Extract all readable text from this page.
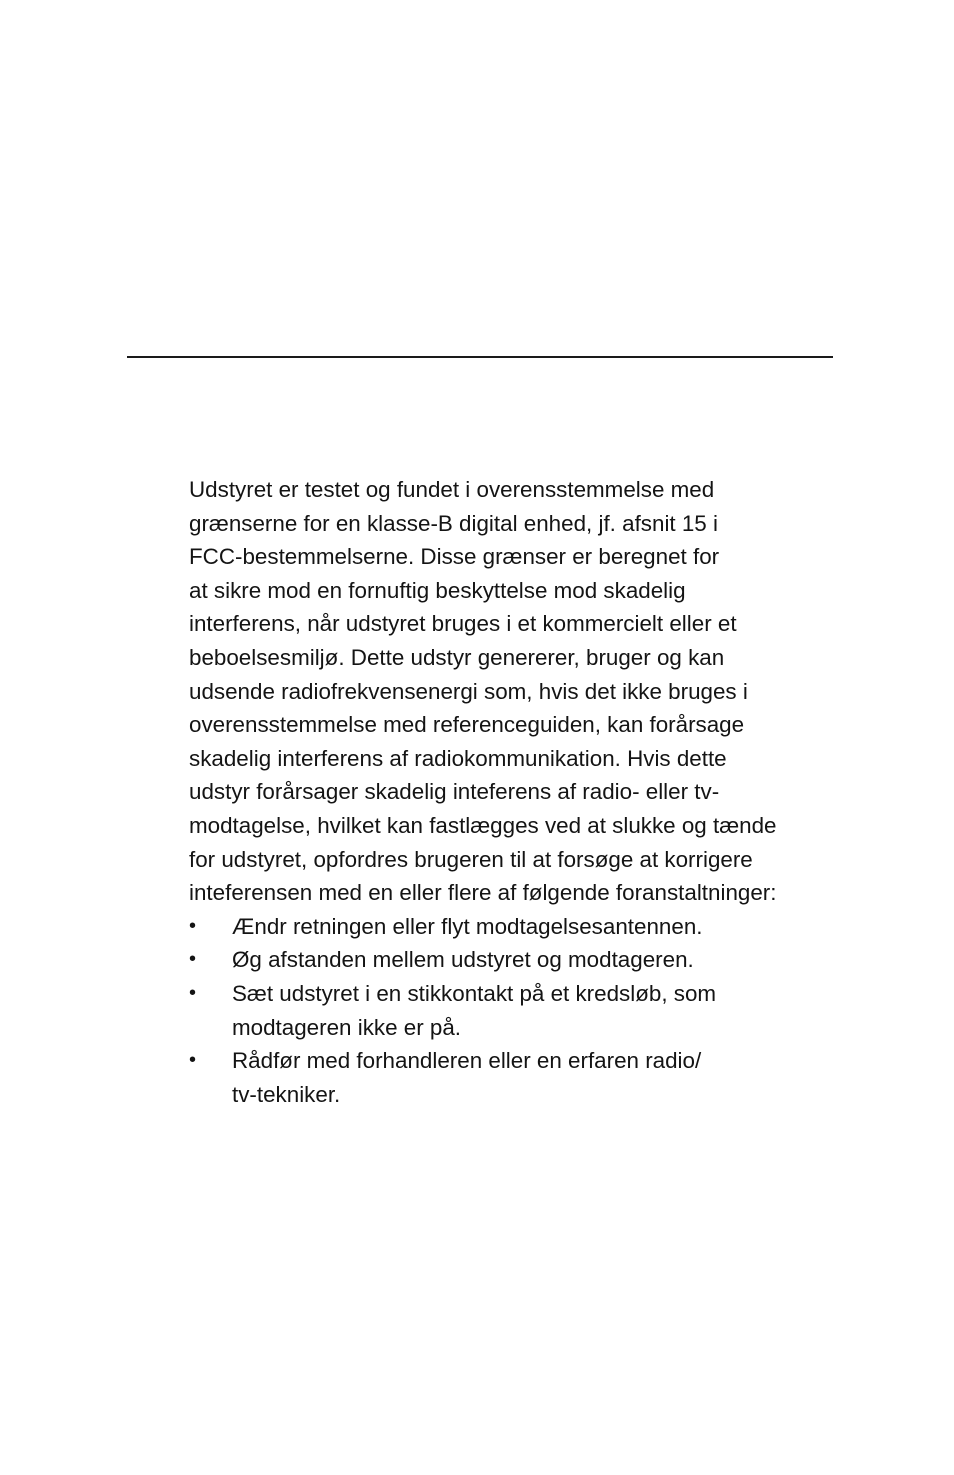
Udstyret er testet og fundet i overensstemmelse med
grænserne for en klasse-B digital enhed, jf. afsnit 15 i
FCC-bestemmelserne. Disse grænser er beregnet for
at sikre mod en fornuftig beskyttelse mod skadelig
interferens, når udstyret bruges i et kommercielt eller et
beboelsesmiljø. Dette udstyr genererer, bruger og kan
udsende radiofrekvensenergi som, hvis det ikke bruges i
overensstemmelse med referenceguiden, kan forårsage
skadelig interferens af radiokommunikation. Hvis dette
udstyr forårsager skadelig inteferens af radio- eller tv-
modtagelse, hvilket kan fastlægges ved at slukke og tænde
for udstyret, opfordres brugeren til at forsøge at korrigere
inteferensen med en eller flere af følgende foranstaltninger:
•	Ændr retningen eller flyt modtagelsesantennen.
•	Øg afstanden mellem udstyret og modtageren.
•	Sæt udstyret i en stikkontakt på et kredsløb, som
modtageren ikke er på.
•	Rådfør med forhandleren eller en erfaren radio/
tv-tekniker.
